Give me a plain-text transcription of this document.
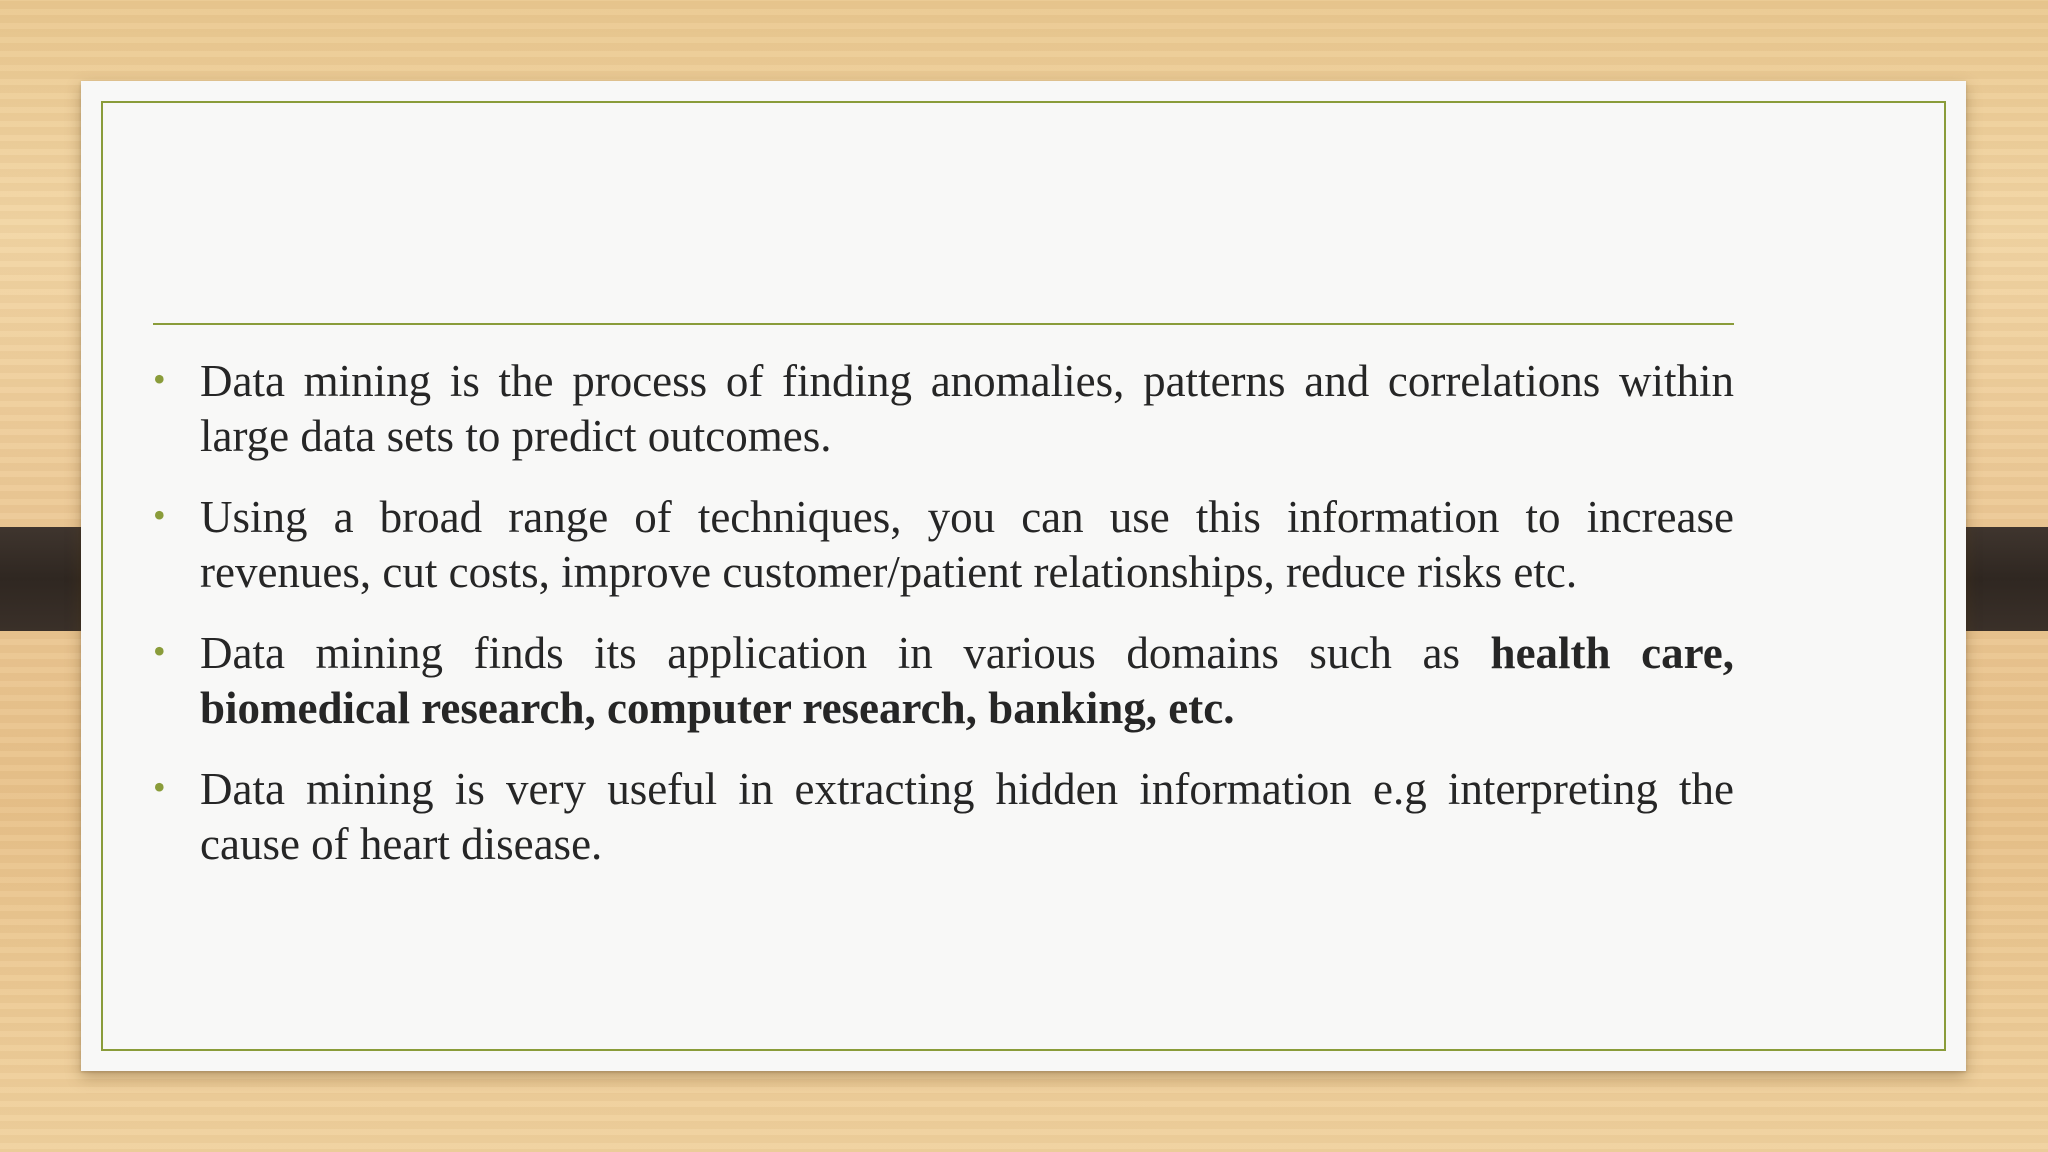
• Data mining is the process of finding anomalies, patterns and correlations within large data sets to predict outcomes.
• Using a broad range of techniques, you can use this information to increase revenues, cut costs, improve customer/patient relationships, reduce risks etc.
• Data mining finds its application in various domains such as health care, biomedical research, computer research, banking, etc.
• Data mining is very useful in extracting hidden information e.g interpreting the cause of heart disease.
